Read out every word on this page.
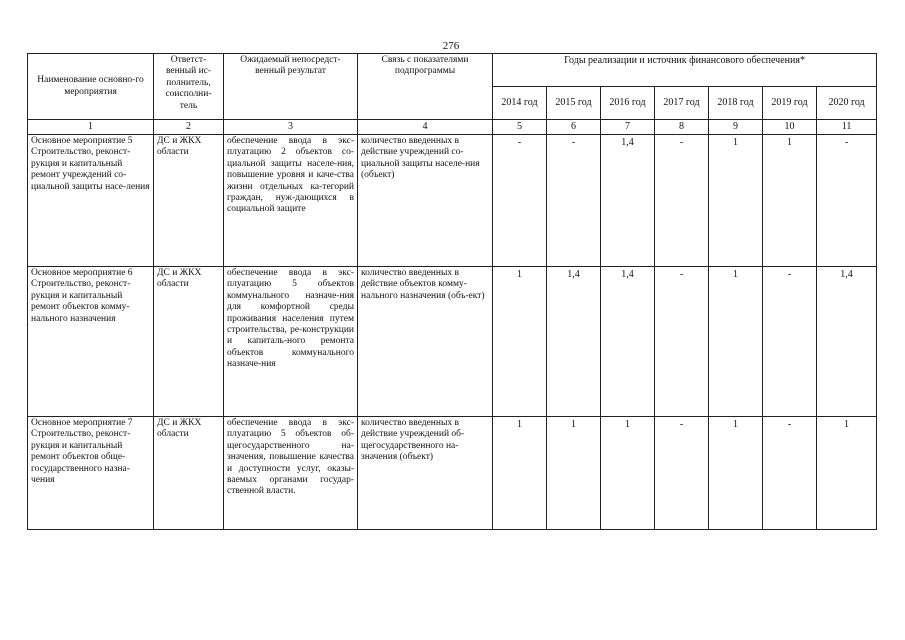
276
Наименование основно-го мероприятия	Ответст-венный ис-полнитель, соисполни-тель	Ожидаемый непосредст-венный результат	Связь с показателями подпрограммы	Годы реализации и источник финансового обеспечения*						
				2014 год	2015 год	2016 год	2017 год	2018 год	2019 год	2020 год
1	2	3	4	5	6	7	8	9	10	11
Основное мероприятие 5 Строительство, реконст-рукция и капитальный ремонт учреждений со-циальной защиты насе-ления	ДС и ЖКХ области	обеспечение ввода в экс-плуатацию 2 объектов со-циальной защиты населе-ния, повышение уровня и каче-ства жизни отдельных ка-тегорий граждан, нуж-дающихся в социальной защите	количество введенных в действие учреждений со-циальной защиты населе-ния (объект)	-	-	1,4	-	1	1	-
Основное мероприятие 6 Строительство, реконст-рукция и капитальный ремонт объектов комму-нального назначения	ДС и ЖКХ области	обеспечение ввода в экс-плуатацию 5 объектов коммунального назначе-ния для комфортной среды проживания населения путем строительства, ре-конструкции и капиталь-ного ремонта объектов коммунального назначе-ния	количество введенных в действие объектов комму-нального назначения (объ-ект)	1	1,4	1,4	-	1	-	1,4
Основное мероприятие 7 Строительство, реконст-рукция и капитальный ремонт объектов обще-государственного назна-чения	ДС и ЖКХ области	обеспечение ввода в экс-плуатацию 5 объектов об-щегосударственного на-значения, повышение качества и доступности услуг, оказы-ваемых органами государ-ственной власти.	количество введенных в действие учреждений об-щегосударственного на-значения (объект)	1	1	1	-	1	-	1
